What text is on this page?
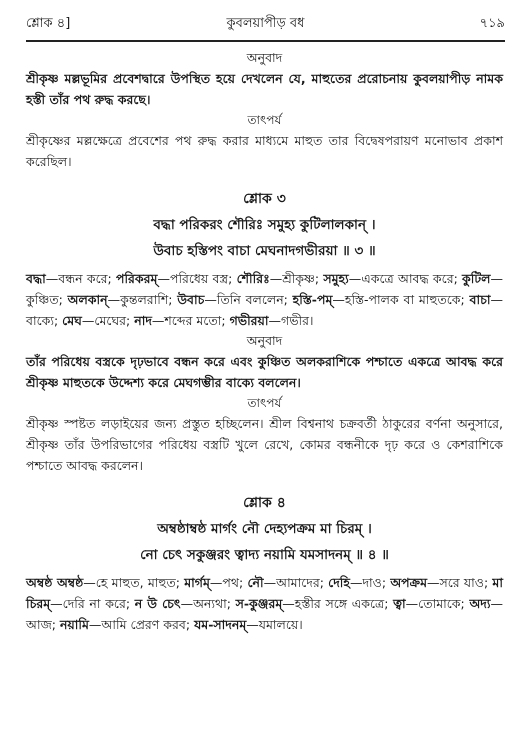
শ্লোক ৪]	কুবলয়াপীড় বধ	৭১৯
অনুবাদ

শ্রীকৃষ্ণ মল্লভূমির প্রবেশদ্বারে উপস্থিত হয়ে দেখলেন যে, মাহুতের প্ররোচনায় কুবলয়াপীড় নামক হস্তী তাঁর পথ রুদ্ধ করছে।

তাৎপর্য

শ্রীকৃষ্ণের মল্লক্ষেত্রে প্রবেশের পথ রুদ্ধ করার মাধ্যমে মাহুত তার বিদ্বেষপরায়ণ মনোভাব প্রকাশ করেছিল।

শ্লোক ৩

বদ্ধা পরিকরং শৌরিঃ সমুহ্য কুটিলালকান্ ।

উবাচ হস্তিপং বাচা মেঘনাদগভীরয়া ॥ ৩ ॥

বদ্ধা—বন্ধন করে; পরিকরম্—পরিধেয় বস্ত্র; শৌরিঃ—শ্রীকৃষ্ণ; সমুহ্য—একত্রে আবদ্ধ করে; কুটিল—কুঞ্চিত; অলকান্—কুন্তলরাশি; উবাচ—তিনি বললেন; হস্তি-পম্—হস্তি-পালক বা মাহুতকে; বাচা—বাক্যে; মেঘ—মেঘের; নাদ—শব্দের মতো; গভীরয়া—গভীর।

অনুবাদ

তাঁর পরিধেয় বস্ত্রকে দৃঢ়ভাবে বন্ধন করে এবং কুঞ্চিত অলকরাশিকে পশ্চাতে একত্রে আবদ্ধ করে শ্রীকৃষ্ণ মাহুতকে উদ্দেশ্য করে মেঘগম্ভীর বাক্যে বললেন।

তাৎপর্য

শ্রীকৃষ্ণ স্পষ্টত লড়াইয়ের জন্য প্রস্তুত হচ্ছিলেন। শ্রীল বিশ্বনাথ চক্রবর্তী ঠাকুরের বর্ণনা অনুসারে, শ্রীকৃষ্ণ তাঁর উপরিভাগের পরিধেয় বস্ত্রটি খুলে রেখে, কোমর বন্ধনীকে দৃঢ় করে ও কেশরাশিকে পশ্চাতে আবদ্ধ করলেন।

শ্লোক ৪

অম্বষ্ঠাম্বষ্ঠ মার্গং নৌ দেহ্যপক্রম মা চিরম্ ।

নো চেৎ সকুঞ্জরং ত্বাদ্য নয়ামি যমসাদনম্ ॥ ৪ ॥

অম্বষ্ঠ অম্বষ্ঠ—হে মাহুত, মাহুত; মার্গম্—পথ; নৌ—আমাদের; দেহি—দাও; অপক্রম—সরে যাও; মা চিরম্—দেরি না করে; ন উ চেৎ—অন্যথা; স-কুঞ্জরম্—হস্তীর সঙ্গে একত্রে; ত্বা—তোমাকে; অদ্য—আজ; নয়ামি—আমি প্রেরণ করব; যম-সাদনম্—যমালয়ে।
